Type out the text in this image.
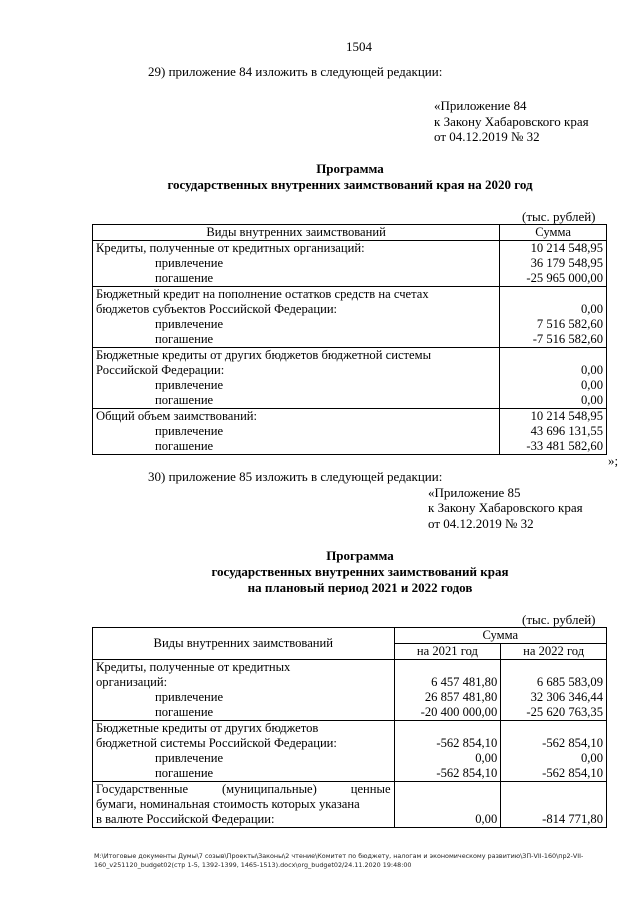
1504
29) приложение 84 изложить в следующей редакции:
«Приложение 84
к Закону Хабаровского края
от 04.12.2019 № 32
Программа
государственных внутренних заимствований края на 2020 год
(тыс. рублей)
Виды внутренних заимствований	Сумма
Кредиты, полученные от кредитных организаций:	10 214 548,95
привлечение	36 179 548,95
погашение	-25 965 000,00
Бюджетный кредит на пополнение остатков средств на счетах	
бюджетов субъектов Российской Федерации:	0,00
привлечение	7 516 582,60
погашение	-7 516 582,60
Бюджетные кредиты от других бюджетов бюджетной системы	
Российской Федерации:	0,00
привлечение	0,00
погашение	0,00
Общий объем заимствований:	10 214 548,95
привлечение	43 696 131,55
погашение	-33 481 582,60
»;
30) приложение 85 изложить в следующей редакции:
«Приложение 85
к Закону Хабаровского края
от 04.12.2019 № 32
Программа
государственных внутренних заимствований края
на плановый период 2021 и 2022 годов
(тыс. рублей)
Виды внутренних заимствований	Сумма	
	на 2021 год	на 2022 год
Кредиты, полученные от кредитных		
организаций:	6 457 481,80	6 685 583,09
привлечение	26 857 481,80	32 306 346,44
погашение	-20 400 000,00	-25 620 763,35
Бюджетные кредиты от других бюджетов		
бюджетной системы Российской Федерации:	-562 854,10	-562 854,10
привлечение	0,00	0,00
погашение	-562 854,10	-562 854,10
Государственные (муниципальные) ценные		
бумаги, номинальная стоимость которых указана		
в валюте Российской Федерации:	0,00	-814 771,80
M:\Итоговые документы Думы\7 созыв\Проекты\Законы\2 чтение\Комитет по бюджету, налогам и экономическому развитию\ЗП-VII-160\пр2-VII-160_v251120_budget02(стр 1-5, 1392-1399, 1465-1513).docx\org_budget02/24.11.2020 19:48:00
